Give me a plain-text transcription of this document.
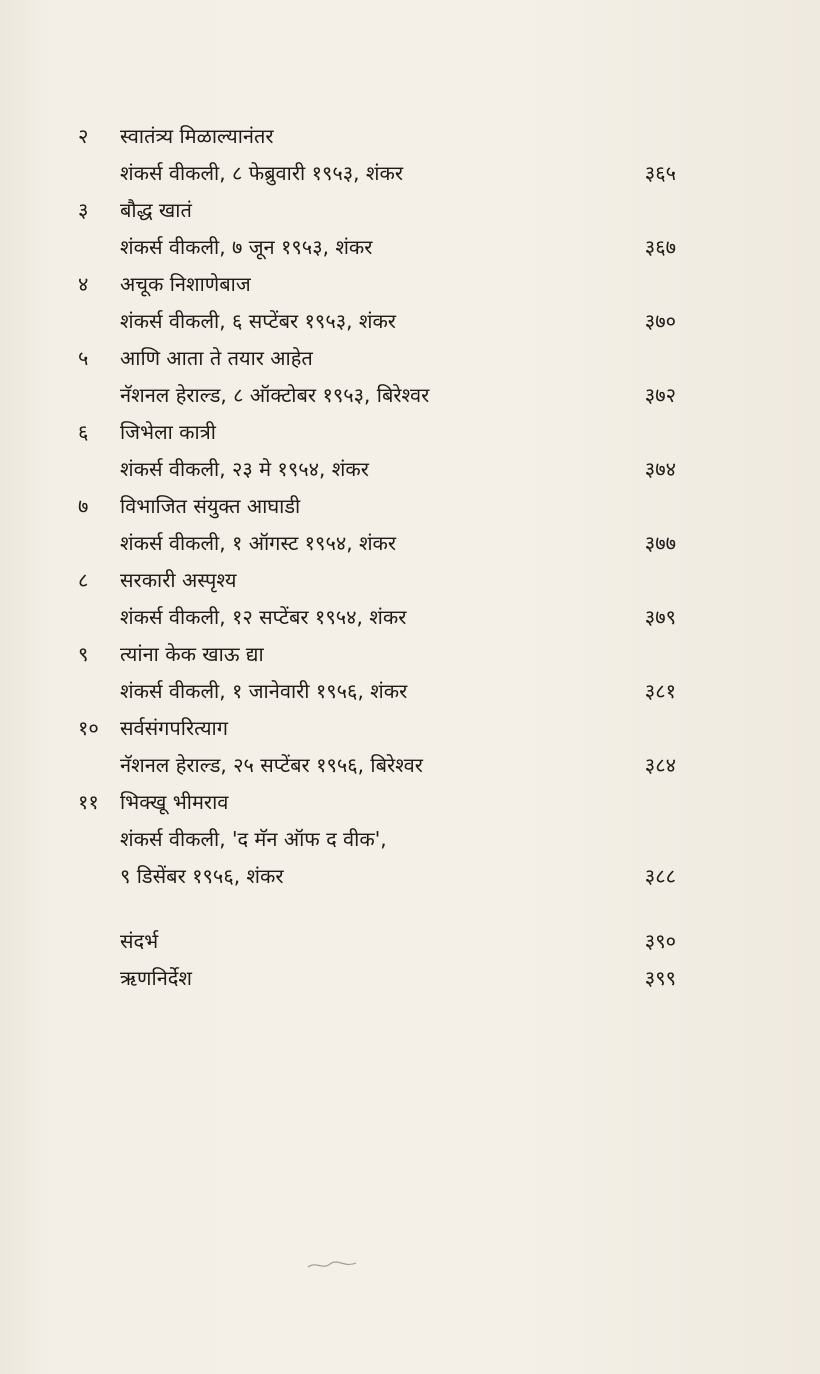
२	स्वातंत्र्य मिळाल्यानंतर
शंकर्स वीकली, ८ फेब्रुवारी १९५३, शंकर	३६५
३	बौद्ध खातं
शंकर्स वीकली, ७ जून १९५३, शंकर	३६७
४	अचूक निशाणेबाज
शंकर्स वीकली, ६ सप्टेंबर १९५३, शंकर	३७०
५	आणि आता ते तयार आहेत
नॅशनल हेराल्ड, ८ ऑक्टोबर १९५३, बिरेश्वर	३७२
६	जिभेला कात्री
शंकर्स वीकली, २३ मे १९५४, शंकर	३७४
७	विभाजित संयुक्त आघाडी
शंकर्स वीकली, १ ऑगस्ट १९५४, शंकर	३७७
८	सरकारी अस्पृश्य
शंकर्स वीकली, १२ सप्टेंबर १९५४, शंकर	३७९
९	त्यांना केक खाऊ द्या
शंकर्स वीकली, १ जानेवारी १९५६, शंकर	३८१
१०	सर्वसंगपरित्याग
नॅशनल हेराल्ड, २५ सप्टेंबर १९५६, बिरेश्वर	३८४
११	भिक्खू भीमराव
शंकर्स वीकली, 'द मॅन ऑफ द वीक',
९ डिसेंबर १९५६, शंकर	३८८
संदर्भ	३९०
ऋणनिर्देश	३९९
